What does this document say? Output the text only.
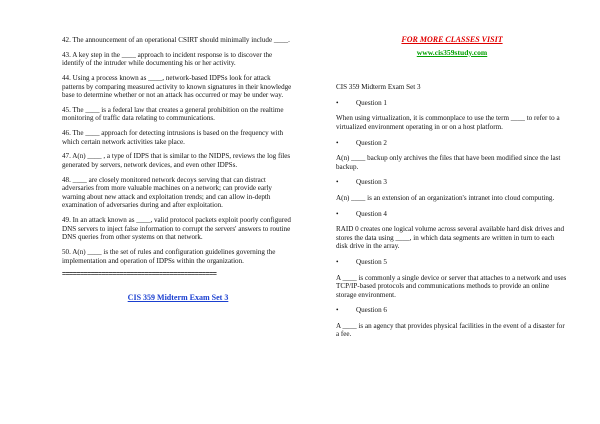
42. The announcement of an operational CSIRT should minimally include ____.
43. A key step in the ____ approach to incident response is to discover the identify of the intruder while documenting his or her activity.
44. Using a process known as ____, network-based IDPSs look for attack patterns by comparing measured activity to known signatures in their knowledge base to determine whether or not an attack has occurred or may be under way.
45. The ____ is a federal law that creates a general prohibition on the realtime monitoring of traffic data relating to communications.
46. The ____ approach for detecting intrusions is based on the frequency with which certain network activities take place.
47. A(n) ____ , a type of IDPS that is similar to the NIDPS, reviews the log files generated by servers, network devices, and even other IDPSs.
48. ____ are closely monitored network decoys serving that can distract adversaries from more valuable machines on a network; can provide early warning about new attack and exploitation trends; and can allow in-depth examination of adversaries during and after exploitation.
49. In an attack known as ____, valid protocol packets exploit poorly configured DNS servers to inject false information to corrupt the servers' answers to routine DNS queries from other systems on that network.
50. A(n) ____ is the set of rules and configuration guidelines governing the implementation and operation of IDPSs within the organization.
===========================================
CIS 359 Midterm Exam Set 3
FOR MORE CLASSES VISIT
www.cis359study.com
CIS 359 Midterm Exam Set 3
•	Question 1
When using virtualization, it is commonplace to use the term ____ to refer to a virtualized environment operating in or on a host platform.
•	Question 2
A(n) ____ backup only archives the files that have been modified since the last backup.
•	Question 3
A(n) ____ is an extension of an organization's intranet into cloud computing.
•	Question 4
RAID 0 creates one logical volume across several available hard disk drives and stores the data using ____, in which data segments are written in turn to each disk drive in the array.
•	Question 5
A ____ is commonly a single device or server that attaches to a network and uses TCP/IP-based protocols and communications methods to provide an online storage environment.
•	Question 6
A ____ is an agency that provides physical facilities in the event of a disaster for a fee.
